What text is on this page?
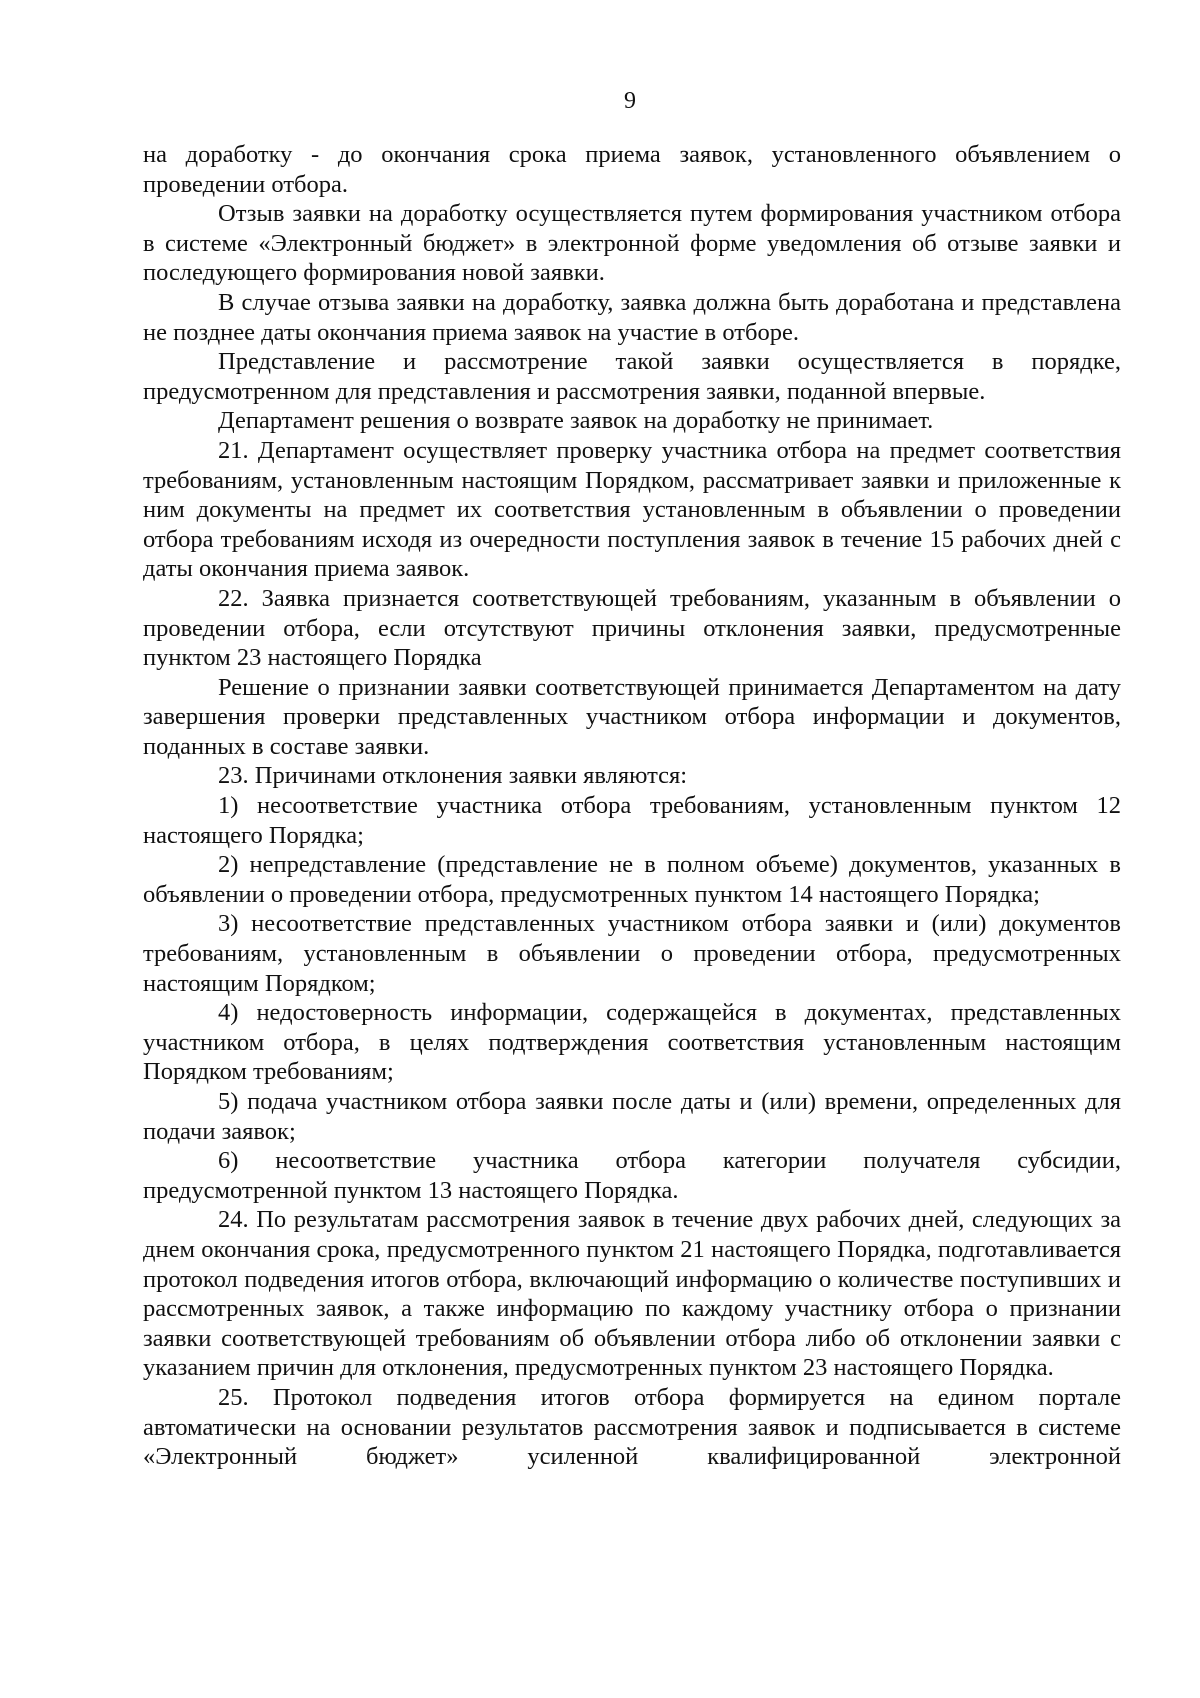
9

на доработку - до окончания срока приема заявок, установленного объявлением о проведении отбора.

Отзыв заявки на доработку осуществляется путем формирования участником отбора в системе «Электронный бюджет» в электронной форме уведомления об отзыве заявки и последующего формирования новой заявки.

В случае отзыва заявки на доработку, заявка должна быть доработана и представлена не позднее даты окончания приема заявок на участие в отборе.

Представление и рассмотрение такой заявки осуществляется в порядке, предусмотренном для представления и рассмотрения заявки, поданной впервые.

Департамент решения о возврате заявок на доработку не принимает.

21. Департамент осуществляет проверку участника отбора на предмет соответствия требованиям, установленным настоящим Порядком, рассматривает заявки и приложенные к ним документы на предмет их соответствия установленным в объявлении о проведении отбора требованиям исходя из очередности поступления заявок в течение 15 рабочих дней с даты окончания приема заявок.

22. Заявка признается соответствующей требованиям, указанным в объявлении о проведении отбора, если отсутствуют причины отклонения заявки, предусмотренные пунктом 23 настоящего Порядка

Решение о признании заявки соответствующей принимается Департаментом на дату завершения проверки представленных участником отбора информации и документов, поданных в составе заявки.

23. Причинами отклонения заявки являются:

1) несоответствие участника отбора требованиям, установленным пунктом 12 настоящего Порядка;

2) непредставление (представление не в полном объеме) документов, указанных в объявлении о проведении отбора, предусмотренных пунктом 14 настоящего Порядка;

3) несоответствие представленных участником отбора заявки и (или) документов требованиям, установленным в объявлении о проведении отбора, предусмотренных настоящим Порядком;

4) недостоверность информации, содержащейся в документах, представленных участником отбора, в целях подтверждения соответствия установленным настоящим Порядком требованиям;

5) подача участником отбора заявки после даты и (или) времени, определенных для подачи заявок;

6) несоответствие участника отбора категории получателя субсидии, предусмотренной пунктом 13 настоящего Порядка.

24. По результатам рассмотрения заявок в течение двух рабочих дней, следующих за днем окончания срока, предусмотренного пунктом 21 настоящего Порядка, подготавливается протокол подведения итогов отбора, включающий информацию о количестве поступивших и рассмотренных заявок, а также информацию по каждому участнику отбора о признании заявки соответствующей требованиям об объявлении отбора либо об отклонении заявки с указанием причин для отклонения, предусмотренных пунктом 23 настоящего Порядка.

25. Протокол подведения итогов отбора формируется на едином портале автоматически на основании результатов рассмотрения заявок и подписывается в системе «Электронный бюджет» усиленной квалифицированной электронной
